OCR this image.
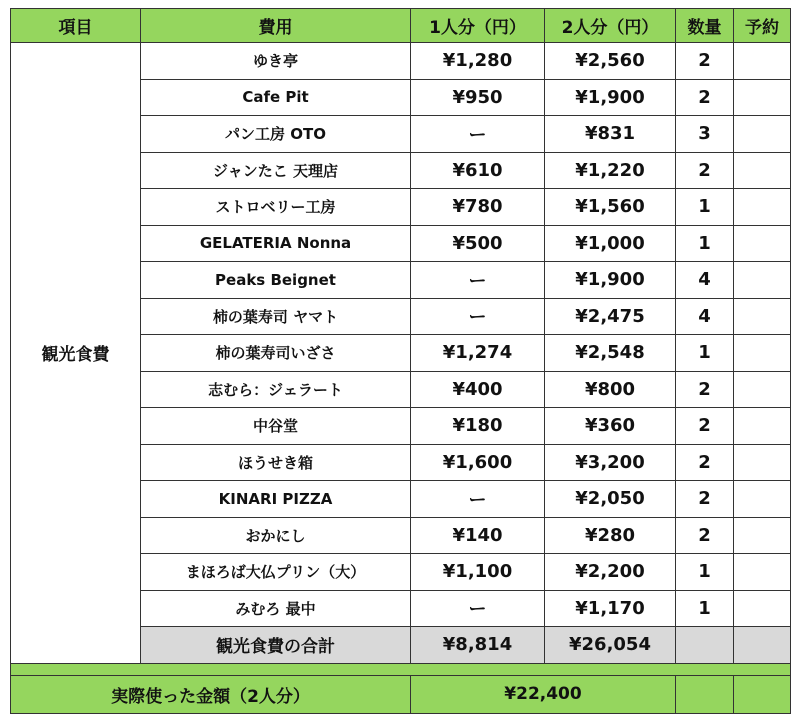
項目	費用	1人分（円）	2人分（円）	数量	予約
観光食費	ゆき亭	¥1,280	¥2,560	2	
	Cafe Pit	¥950	¥1,900	2	
	パン工房 OTO	ー	¥831	3	
	ジャンたこ 天理店	¥610	¥1,220	2	
	ストロベリー工房	¥780	¥1,560	1	
	GELATERIA Nonna	¥500	¥1,000	1	
	Peaks Beignet	ー	¥1,900	4	
	柿の葉寿司 ヤマト	ー	¥2,475	4	
	柿の葉寿司いざさ	¥1,274	¥2,548	1	
	志むら：ジェラート	¥400	¥800	2	
	中谷堂	¥180	¥360	2	
	ほうせき箱	¥1,600	¥3,200	2	
	KINARI PIZZA	ー	¥2,050	2	
	おかにし	¥140	¥280	2	
	まほろば大仏プリン（大）	¥1,100	¥2,200	1	
	みむろ 最中	ー	¥1,170	1	
	観光食費の合計	¥8,814	¥26,054		

実際使った金額（2人分）		¥22,400			
